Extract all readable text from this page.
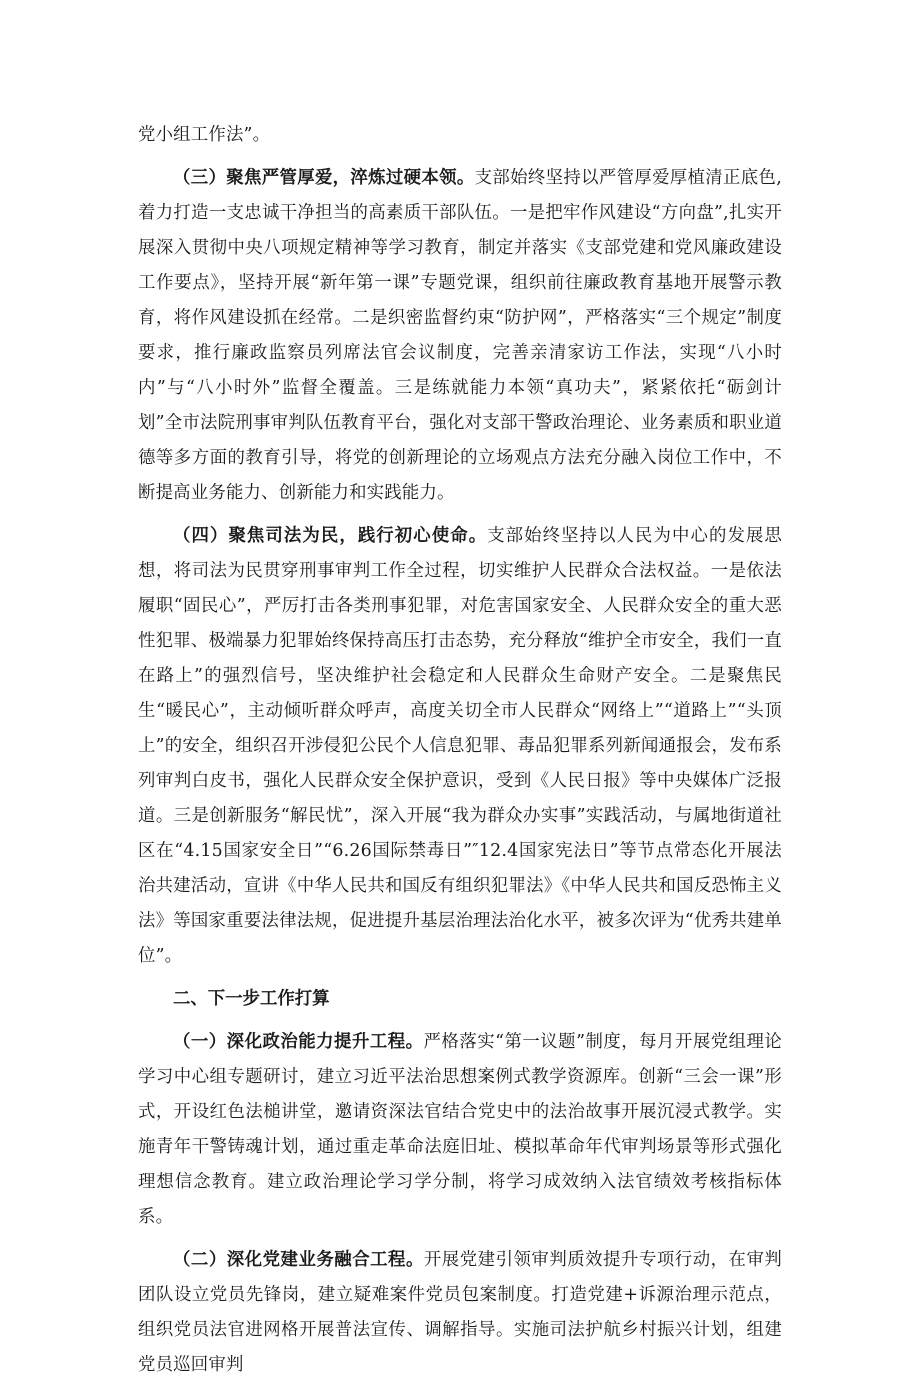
党小组工作法”。

（三）聚焦严管厚爱，淬炼过硬本领。支部始终坚持以严管厚爱厚植清正底色,着力打造一支忠诚干净担当的高素质干部队伍。一是把牢作风建设“方向盘”,扎实开展深入贯彻中央八项规定精神等学习教育，制定并落实《支部党建和党风廉政建设工作要点》，坚持开展“新年第一课”专题党课，组织前往廉政教育基地开展警示教育，将作风建设抓在经常。二是织密监督约束“防护网”，严格落实“三个规定”制度要求，推行廉政监察员列席法官会议制度，完善亲清家访工作法，实现“八小时内”与“八小时外”监督全覆盖。三是练就能力本领“真功夫”，紧紧依托“砺剑计划”全市法院刑事审判队伍教育平台，强化对支部干警政治理论、业务素质和职业道德等多方面的教育引导，将党的创新理论的立场观点方法充分融入岗位工作中，不断提高业务能力、创新能力和实践能力。

（四）聚焦司法为民，践行初心使命。支部始终坚持以人民为中心的发展思想，将司法为民贯穿刑事审判工作全过程，切实维护人民群众合法权益。一是依法履职“固民心”，严厉打击各类刑事犯罪，对危害国家安全、人民群众安全的重大恶性犯罪、极端暴力犯罪始终保持高压打击态势，充分释放“维护全市安全，我们一直在路上”的强烈信号，坚决维护社会稳定和人民群众生命财产安全。二是聚焦民生“暖民心”，主动倾听群众呼声，高度关切全市人民群众“网络上”“道路上”“头顶上”的安全，组织召开涉侵犯公民个人信息犯罪、毒品犯罪系列新闻通报会，发布系列审判白皮书，强化人民群众安全保护意识，受到《人民日报》等中央媒体广泛报道。三是创新服务“解民忧”，深入开展“我为群众办实事”实践活动，与属地街道社区在“4.15国家安全日”“6.26国际禁毒日”″12.4国家宪法日”等节点常态化开展法治共建活动，宣讲《中华人民共和国反有组织犯罪法》《中华人民共和国反恐怖主义法》等国家重要法律法规，促进提升基层治理法治化水平，被多次评为“优秀共建单位”。

二、下一步工作打算

（一）深化政治能力提升工程。严格落实“第一议题”制度，每月开展党组理论学习中心组专题研讨，建立习近平法治思想案例式教学资源库。创新“三会一课”形式，开设红色法槌讲堂，邀请资深法官结合党史中的法治故事开展沉浸式教学。实施青年干警铸魂计划，通过重走革命法庭旧址、模拟革命年代审判场景等形式强化理想信念教育。建立政治理论学习学分制，将学习成效纳入法官绩效考核指标体系。

（二）深化党建业务融合工程。开展党建引领审判质效提升专项行动，在审判团队设立党员先锋岗，建立疑难案件党员包案制度。打造党建+诉源治理示范点，组织党员法官进网格开展普法宣传、调解指导。实施司法护航乡村振兴计划，组建党员巡回审判
